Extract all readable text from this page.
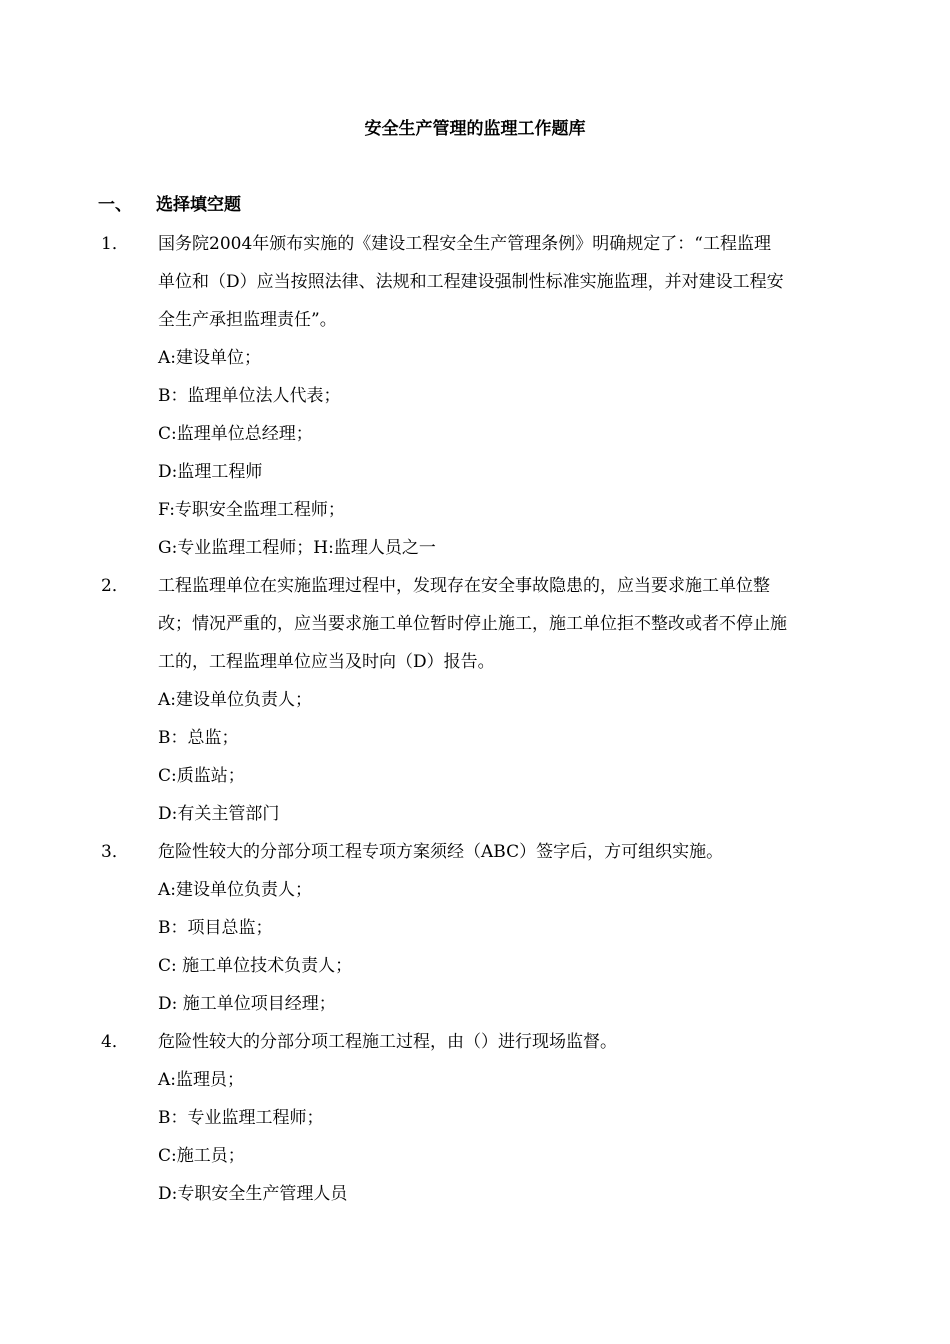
安全生产管理的监理工作题库
一、 选择填空题
1．	国务院2004年颁布实施的《建设工程安全生产管理条例》明确规定了：“工程监理
单位和（D）应当按照法律、法规和工程建设强制性标准实施监理，并对建设工程安
全生产承担监理责任”。
A:建设单位；
B：监理单位法人代表；
C:监理单位总经理；
D:监理工程师
F:专职安全监理工程师；
G:专业监理工程师；H:监理人员之一
2．	工程监理单位在实施监理过程中，发现存在安全事故隐患的，应当要求施工单位整
改；情况严重的，应当要求施工单位暂时停止施工，施工单位拒不整改或者不停止施
工的，工程监理单位应当及时向（D）报告。
A:建设单位负责人；
B：总监；
C:质监站；
D:有关主管部门
3．	危险性较大的分部分项工程专项方案须经（ABC）签字后，方可组织实施。
A:建设单位负责人；
B：项目总监；
C: 施工单位技术负责人；
D: 施工单位项目经理；
4．	危险性较大的分部分项工程施工过程，由（）进行现场监督。
A:监理员；
B：专业监理工程师；
C:施工员；
D:专职安全生产管理人员
